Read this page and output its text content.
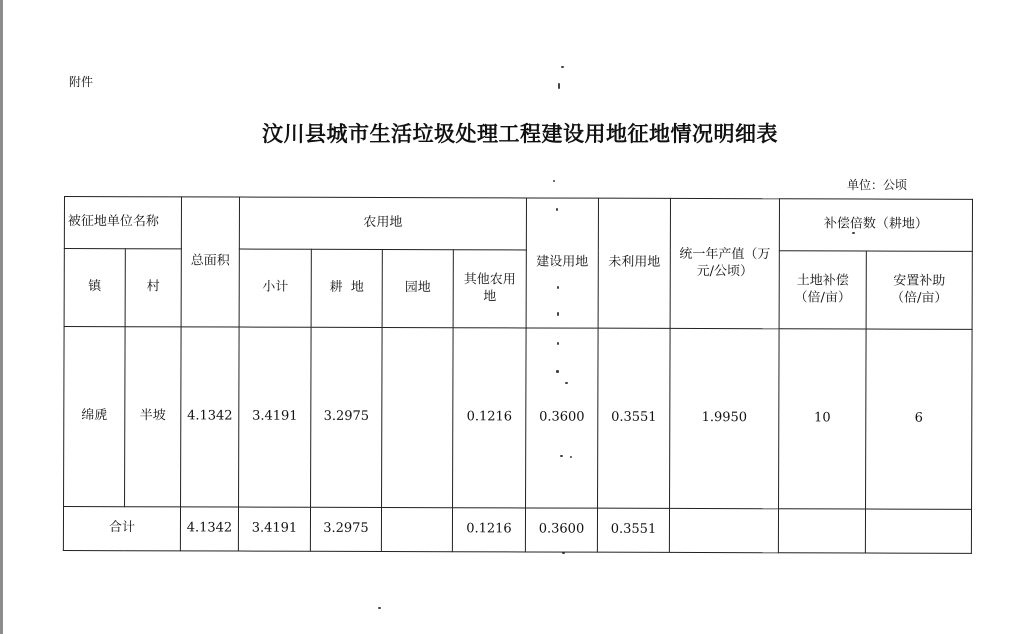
附件
汶川县城市生活垃圾处理工程建设用地征地情况明细表
单位：公顷
被征地单位名称		总面积	农用地				建设用地	未利用地	统一年产值（万元/公顷）	补偿倍数（耕地）	
镇	村		小计	耕  地	园地	其他农用地				土地补偿（倍/亩）	安置补助（倍/亩）
绵虒	半坡	4.1342	3.4191	3.2975		0.1216	0.3600	0.3551	1.9950	10	6
合计		4.1342	3.4191	3.2975		0.1216	0.3600	0.3551			
